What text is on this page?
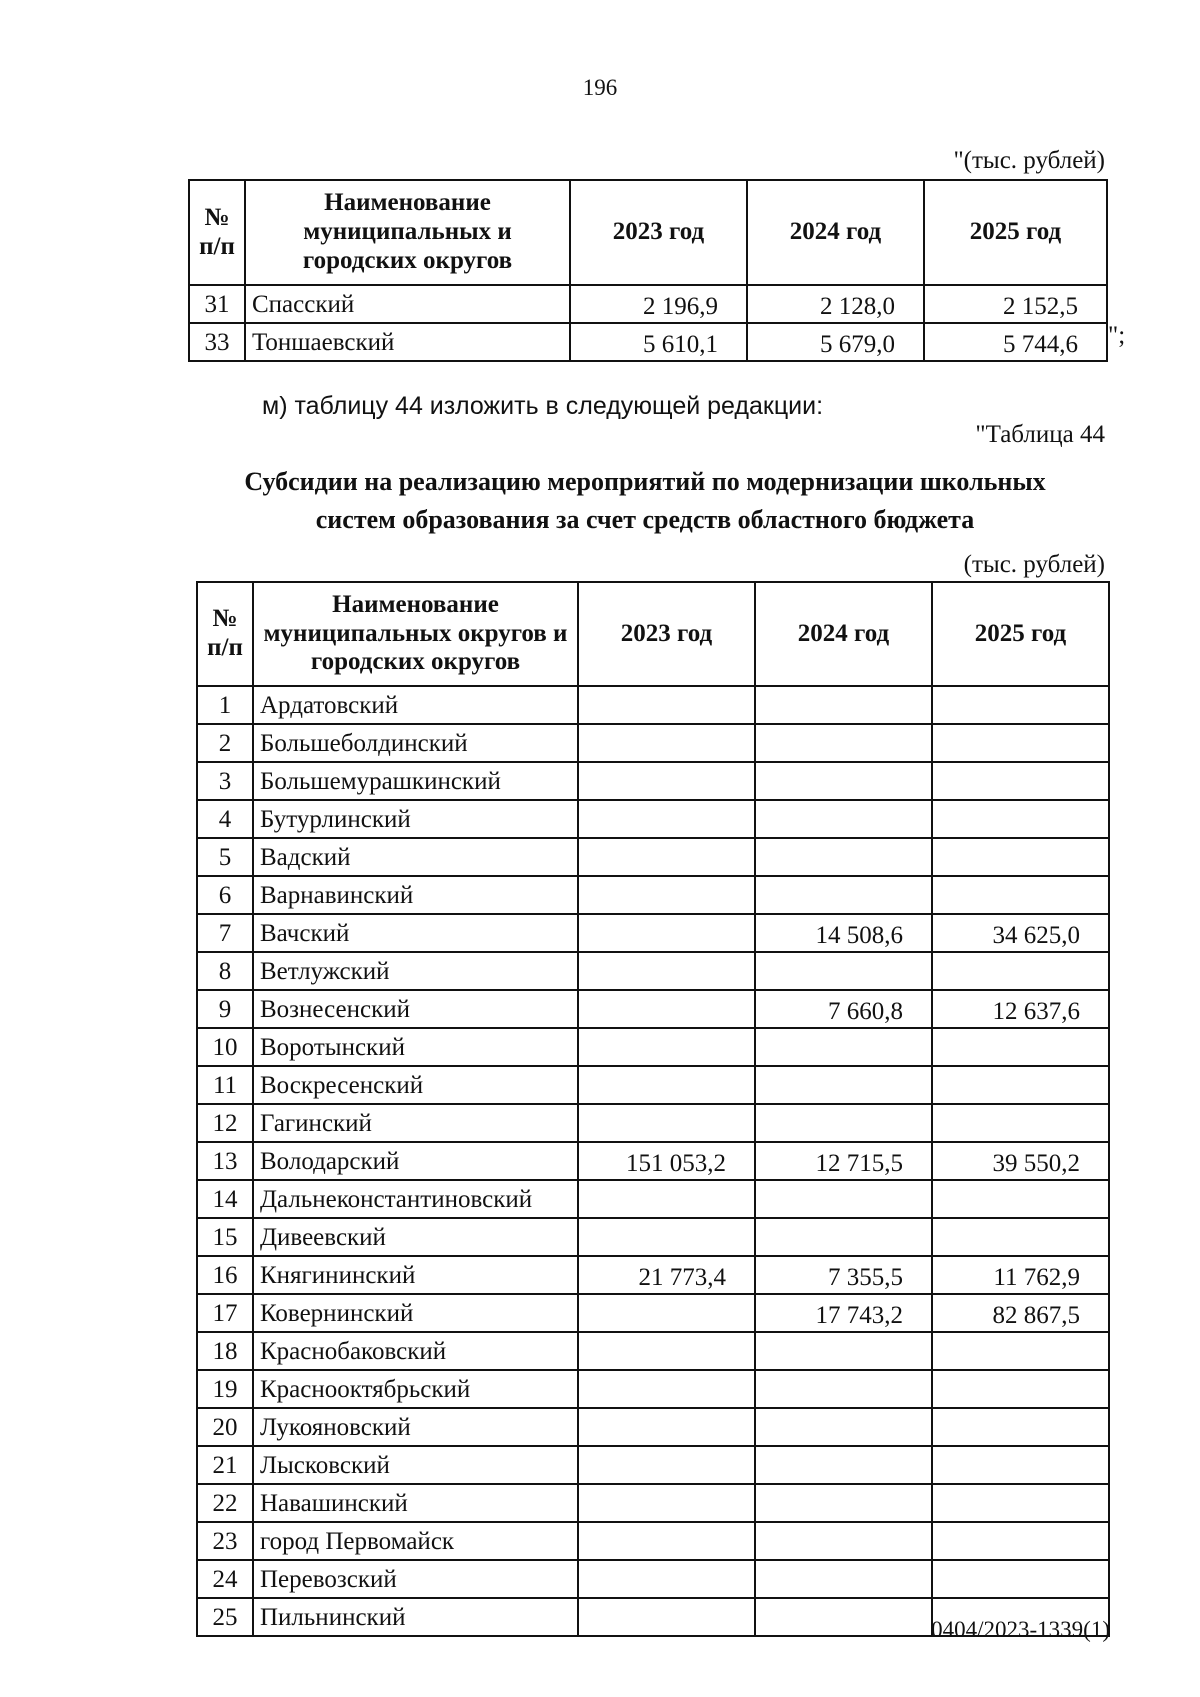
196
"(тыс. рублей)
№ п/п	Наименование муниципальных и городских округов	2023 год	2024 год	2025 год
31	Спасский	2 196,9	2 128,0	2 152,5
33	Тоншаевский	5 610,1	5 679,0	5 744,6 ";
м) таблицу 44 изложить в следующей редакции:
"Таблица 44
Субсидии на реализацию мероприятий по модернизации школьных
систем образования за счет средств областного бюджета
(тыс. рублей)
№ п/п	Наименование муниципальных округов и городских округов	2023 год	2024 год	2025 год
1	Ардатовский			
2	Большеболдинский			
3	Большемурашкинский			
4	Бутурлинский			
5	Вадский			
6	Варнавинский			
7	Вачский		14 508,6	34 625,0
8	Ветлужский			
9	Вознесенский		7 660,8	12 637,6
10	Воротынский			
11	Воскресенский			
12	Гагинский			
13	Володарский	151 053,2	12 715,5	39 550,2
14	Дальнеконстантиновский			
15	Дивеевский			
16	Княгининский	21 773,4	7 355,5	11 762,9
17	Ковернинский		17 743,2	82 867,5
18	Краснобаковский			
19	Краснооктябрьский			
20	Лукояновский			
21	Лысковский			
22	Навашинский			
23	город Первомайск			
24	Перевозский			
25	Пильнинский				0404/2023-1339(1)
